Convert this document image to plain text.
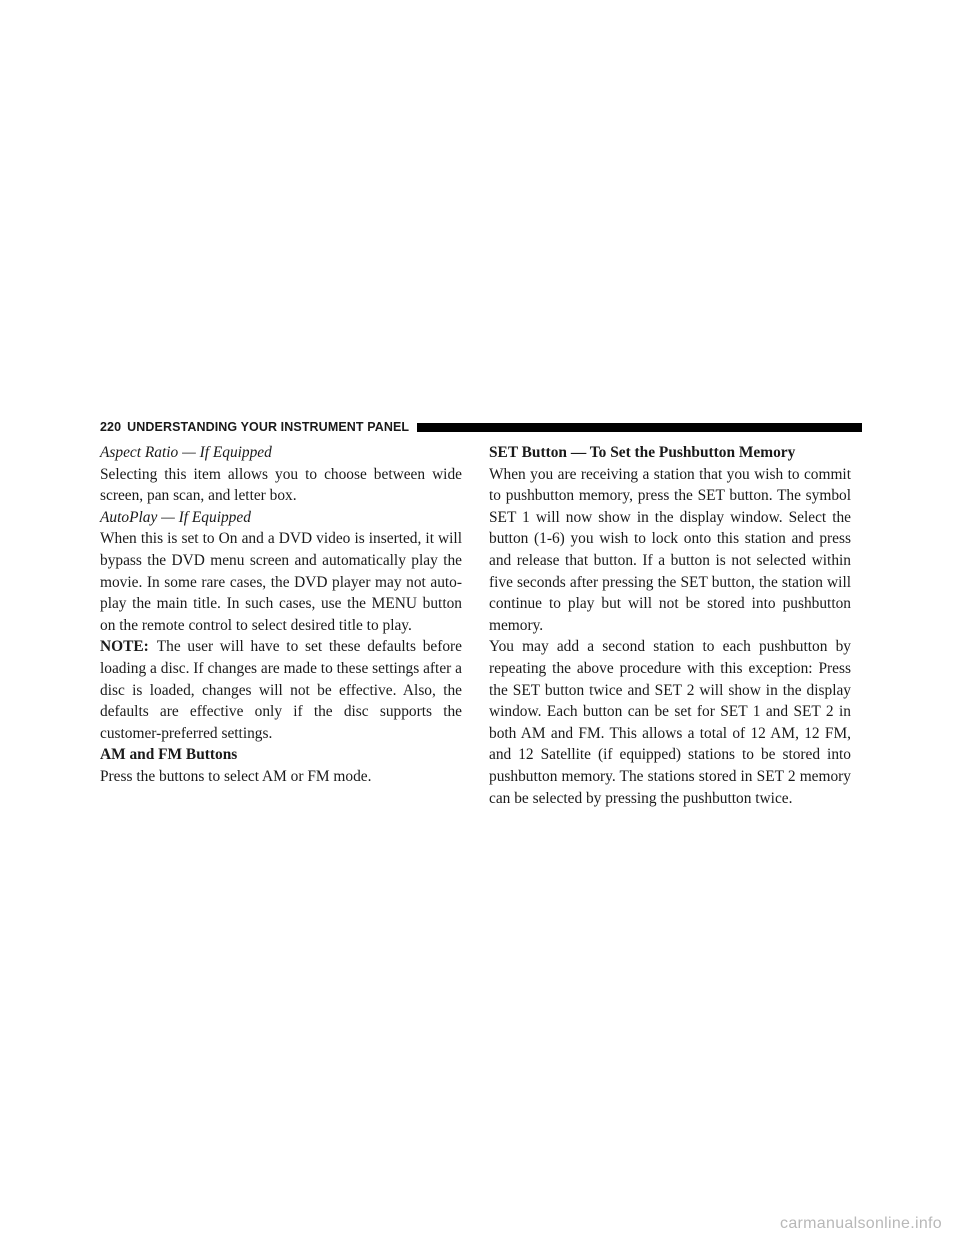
220 UNDERSTANDING YOUR INSTRUMENT PANEL

Aspect Ratio — If Equipped

Selecting this item allows you to choose between wide screen, pan scan, and letter box.

AutoPlay — If Equipped

When this is set to On and a DVD video is inserted, it will bypass the DVD menu screen and automatically play the movie. In some rare cases, the DVD player may not auto-play the main title. In such cases, use the MENU button on the remote control to select desired title to play.

NOTE: The user will have to set these defaults before loading a disc. If changes are made to these settings after a disc is loaded, changes will not be effective. Also, the defaults are effective only if the disc supports the customer-preferred settings.

AM and FM Buttons

Press the buttons to select AM or FM mode.

SET Button — To Set the Pushbutton Memory

When you are receiving a station that you wish to commit to pushbutton memory, press the SET button. The symbol SET 1 will now show in the display window. Select the button (1-6) you wish to lock onto this station and press and release that button. If a button is not selected within five seconds after pressing the SET button, the station will continue to play but will not be stored into pushbutton memory.

You may add a second station to each pushbutton by repeating the above procedure with this exception: Press the SET button twice and SET 2 will show in the display window. Each button can be set for SET 1 and SET 2 in both AM and FM. This allows a total of 12 AM, 12 FM, and 12 Satellite (if equipped) stations to be stored into pushbutton memory. The stations stored in SET 2 memory can be selected by pressing the pushbutton twice.

carmanualsonline.info
